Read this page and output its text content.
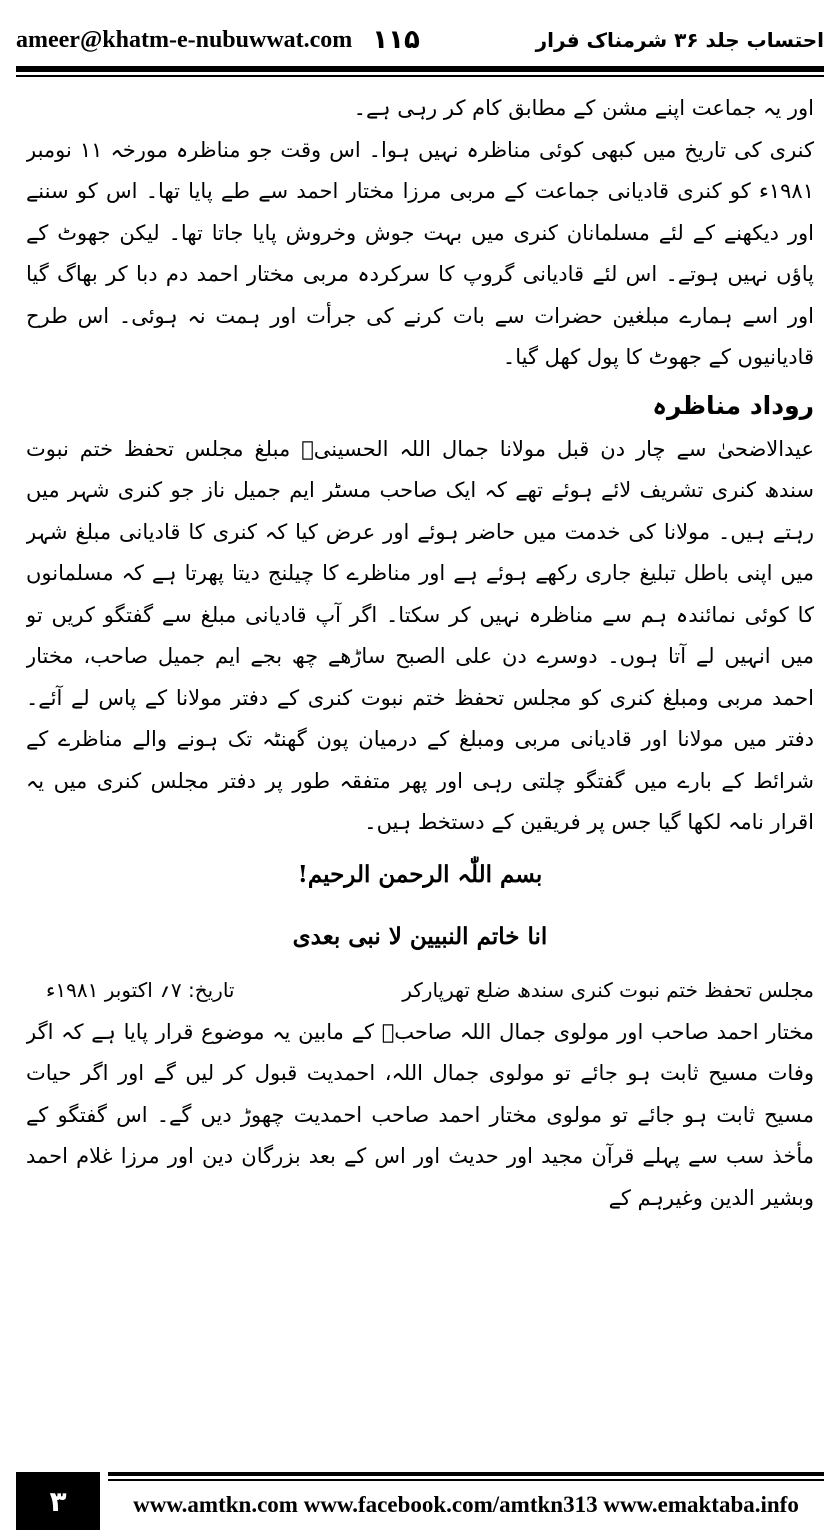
ameer@khatm-e-nubuwwat.com ۱۱۵	احتساب جلد ۳۶ شرمناک فرار

اور یہ جماعت اپنے مشن کے مطابق کام کر رہی ہے۔

کنری کی تاریخ میں کبھی کوئی مناظرہ نہیں ہوا۔ اس وقت جو مناظرہ مورخہ ۱۱ نومبر ۱۹۸۱ء کو کنری قادیانی جماعت کے مربی مرزا مختار احمد سے طے پایا تھا۔ اس کو سننے اور دیکھنے کے لئے مسلمانان کنری میں بہت جوش وخروش پایا جاتا تھا۔ لیکن جھوٹ کے پاؤں نہیں ہوتے۔ اس لئے قادیانی گروپ کا سرکردہ مربی مختار احمد دم دبا کر بھاگ گیا اور اسے ہمارے مبلغین حضرات سے بات کرنے کی جرأت اور ہمت نہ ہوئی۔ اس طرح قادیانیوں کے جھوٹ کا پول کھل گیا۔

روداد مناظرہ

عیدالاضحیٰ سے چار دن قبل مولانا جمال اللہ الحسینیؒ مبلغ مجلس تحفظ ختم نبوت سندھ کنری تشریف لائے ہوئے تھے کہ ایک صاحب مسٹر ایم جمیل ناز جو کنری شہر میں رہتے ہیں۔ مولانا کی خدمت میں حاضر ہوئے اور عرض کیا کہ کنری کا قادیانی مبلغ شہر میں اپنی باطل تبلیغ جاری رکھے ہوئے ہے اور مناظرے کا چیلنج دیتا پھرتا ہے کہ مسلمانوں کا کوئی نمائندہ ہم سے مناظرہ نہیں کر سکتا۔ اگر آپ قادیانی مبلغ سے گفتگو کریں تو میں انہیں لے آتا ہوں۔ دوسرے دن علی الصبح ساڑھے چھ بجے ایم جمیل صاحب، مختار احمد مربی ومبلغ کنری کو مجلس تحفظ ختم نبوت کنری کے دفتر مولانا کے پاس لے آئے۔ دفتر میں مولانا اور قادیانی مربی ومبلغ کے درمیان پون گھنٹہ تک ہونے والے مناظرے کے شرائط کے بارے میں گفتگو چلتی رہی اور پھر متفقہ طور پر دفتر مجلس کنری میں یہ اقرار نامہ لکھا گیا جس پر فریقین کے دستخط ہیں۔

بسم اللّٰہ الرحمن الرحیم!

انا خاتم النبیین لا نبی بعدی

مجلس تحفظ ختم نبوت کنری سندھ ضلع تھرپارکر
تاریخ: ۷؍ اکتوبر ۱۹۸۱ء

مختار احمد صاحب اور مولوی جمال اللہ صاحبؒ کے مابین یہ موضوع قرار پایا ہے کہ اگر وفات مسیح ثابت ہو جائے تو مولوی جمال اللہ، احمدیت قبول کر لیں گے اور اگر حیات مسیح ثابت ہو جائے تو مولوی مختار احمد صاحب احمدیت چھوڑ دیں گے۔ اس گفتگو کے مأخذ سب سے پہلے قرآن مجید اور حدیث اور اس کے بعد بزرگان دین اور مرزا غلام احمد وبشیر الدین وغیرہم کے

۳	www.amtkn.com www.facebook.com/amtkn313 www.emaktaba.info
